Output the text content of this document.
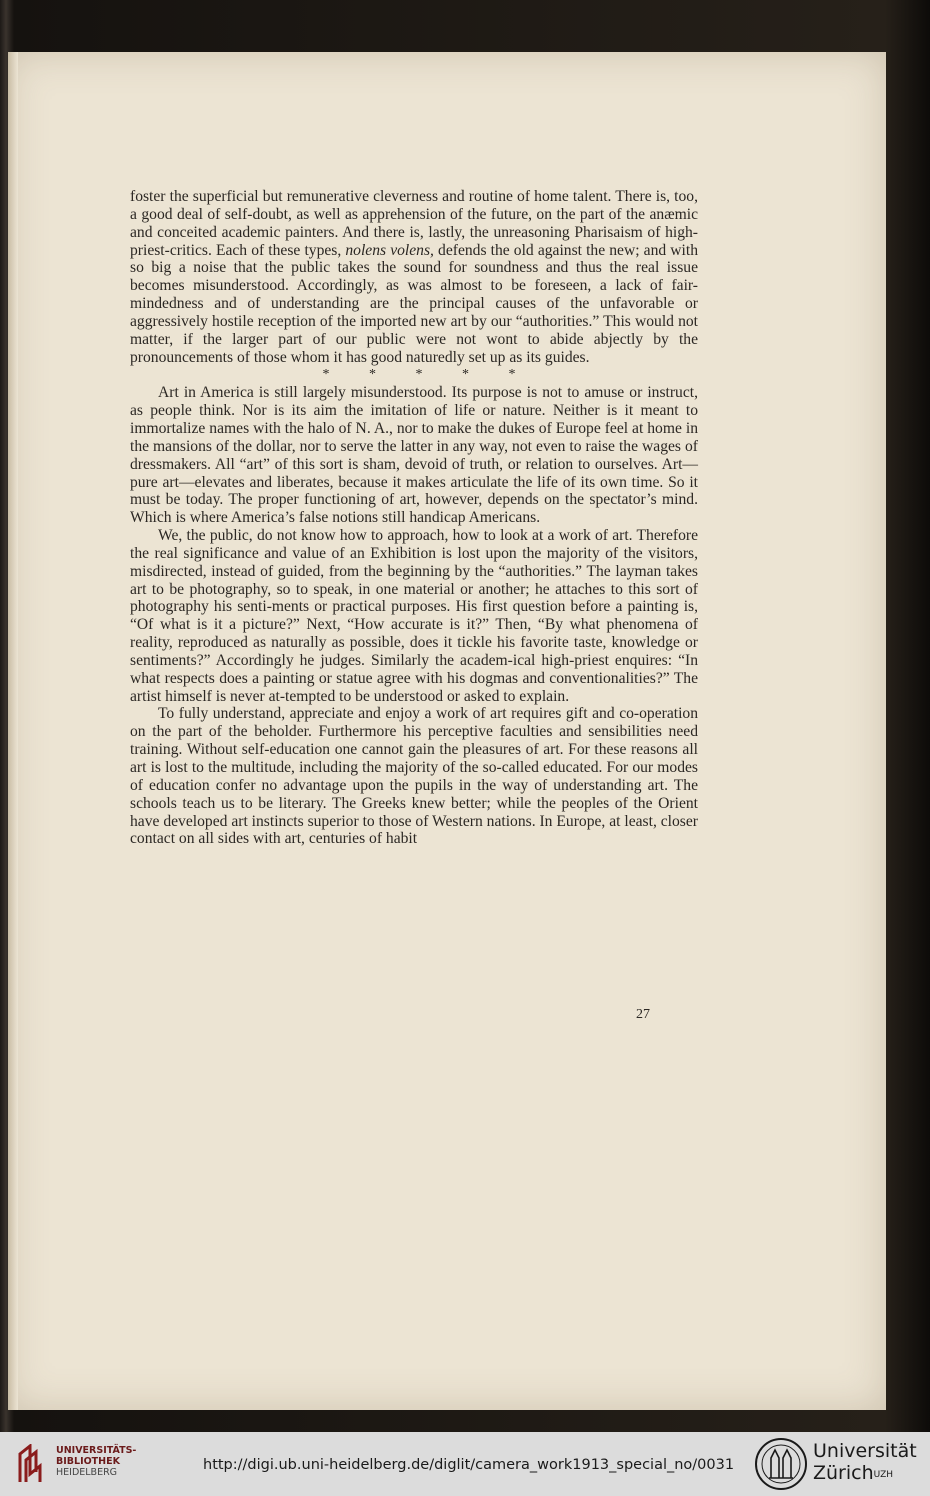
foster the superficial but remunerative cleverness and routine of home talent. There is, too, a good deal of self-doubt, as well as apprehension of the future, on the part of the anæmic and conceited academic painters. And there is, lastly, the unreasoning Pharisaism of high-priest-critics. Each of these types, nolens volens, defends the old against the new; and with so big a noise that the public takes the sound for soundness and thus the real issue becomes misunderstood. Accordingly, as was almost to be foreseen, a lack of fair-mindedness and of understanding are the principal causes of the unfavorable or aggressively hostile reception of the imported new art by our “authorities.” This would not matter, if the larger part of our public were not wont to abide abjectly by the pronouncements of those whom it has good naturedly set up as its guides.

* * * * *

Art in America is still largely misunderstood. Its purpose is not to amuse or instruct, as people think. Nor is its aim the imitation of life or nature. Neither is it meant to immortalize names with the halo of N. A., nor to make the dukes of Europe feel at home in the mansions of the dollar, nor to serve the latter in any way, not even to raise the wages of dressmakers. All “art” of this sort is sham, devoid of truth, or relation to ourselves. Art—pure art—elevates and liberates, because it makes articulate the life of its own time. So it must be today. The proper functioning of art, however, depends on the spectator’s mind. Which is where America’s false notions still handicap Americans.

We, the public, do not know how to approach, how to look at a work of art. Therefore the real significance and value of an Exhibition is lost upon the majority of the visitors, misdirected, instead of guided, from the beginning by the “authorities.” The layman takes art to be photography, so to speak, in one material or another; he attaches to this sort of photography his senti-ments or practical purposes. His first question before a painting is, “Of what is it a picture?” Next, “How accurate is it?” Then, “By what phenomena of reality, reproduced as naturally as possible, does it tickle his favorite taste, knowledge or sentiments?” Accordingly he judges. Similarly the academ-ical high-priest enquires: “In what respects does a painting or statue agree with his dogmas and conventionalities?” The artist himself is never at-tempted to be understood or asked to explain.

To fully understand, appreciate and enjoy a work of art requires gift and co-operation on the part of the beholder. Furthermore his perceptive faculties and sensibilities need training. Without self-education one cannot gain the pleasures of art. For these reasons all art is lost to the multitude, including the majority of the so-called educated. For our modes of education confer no advantage upon the pupils in the way of understanding art. The schools teach us to be literary. The Greeks knew better; while the peoples of the Orient have developed art instincts superior to those of Western nations. In Europe, at least, closer contact on all sides with art, centuries of habit

27
UNIVERSITÄTS-
BIBLIOTHEK
HEIDELBERG	http://digi.ub.uni-heidelberg.de/diglit/camera_work1913_special_no/0031
Universität
Zürich$^{UZH}$
